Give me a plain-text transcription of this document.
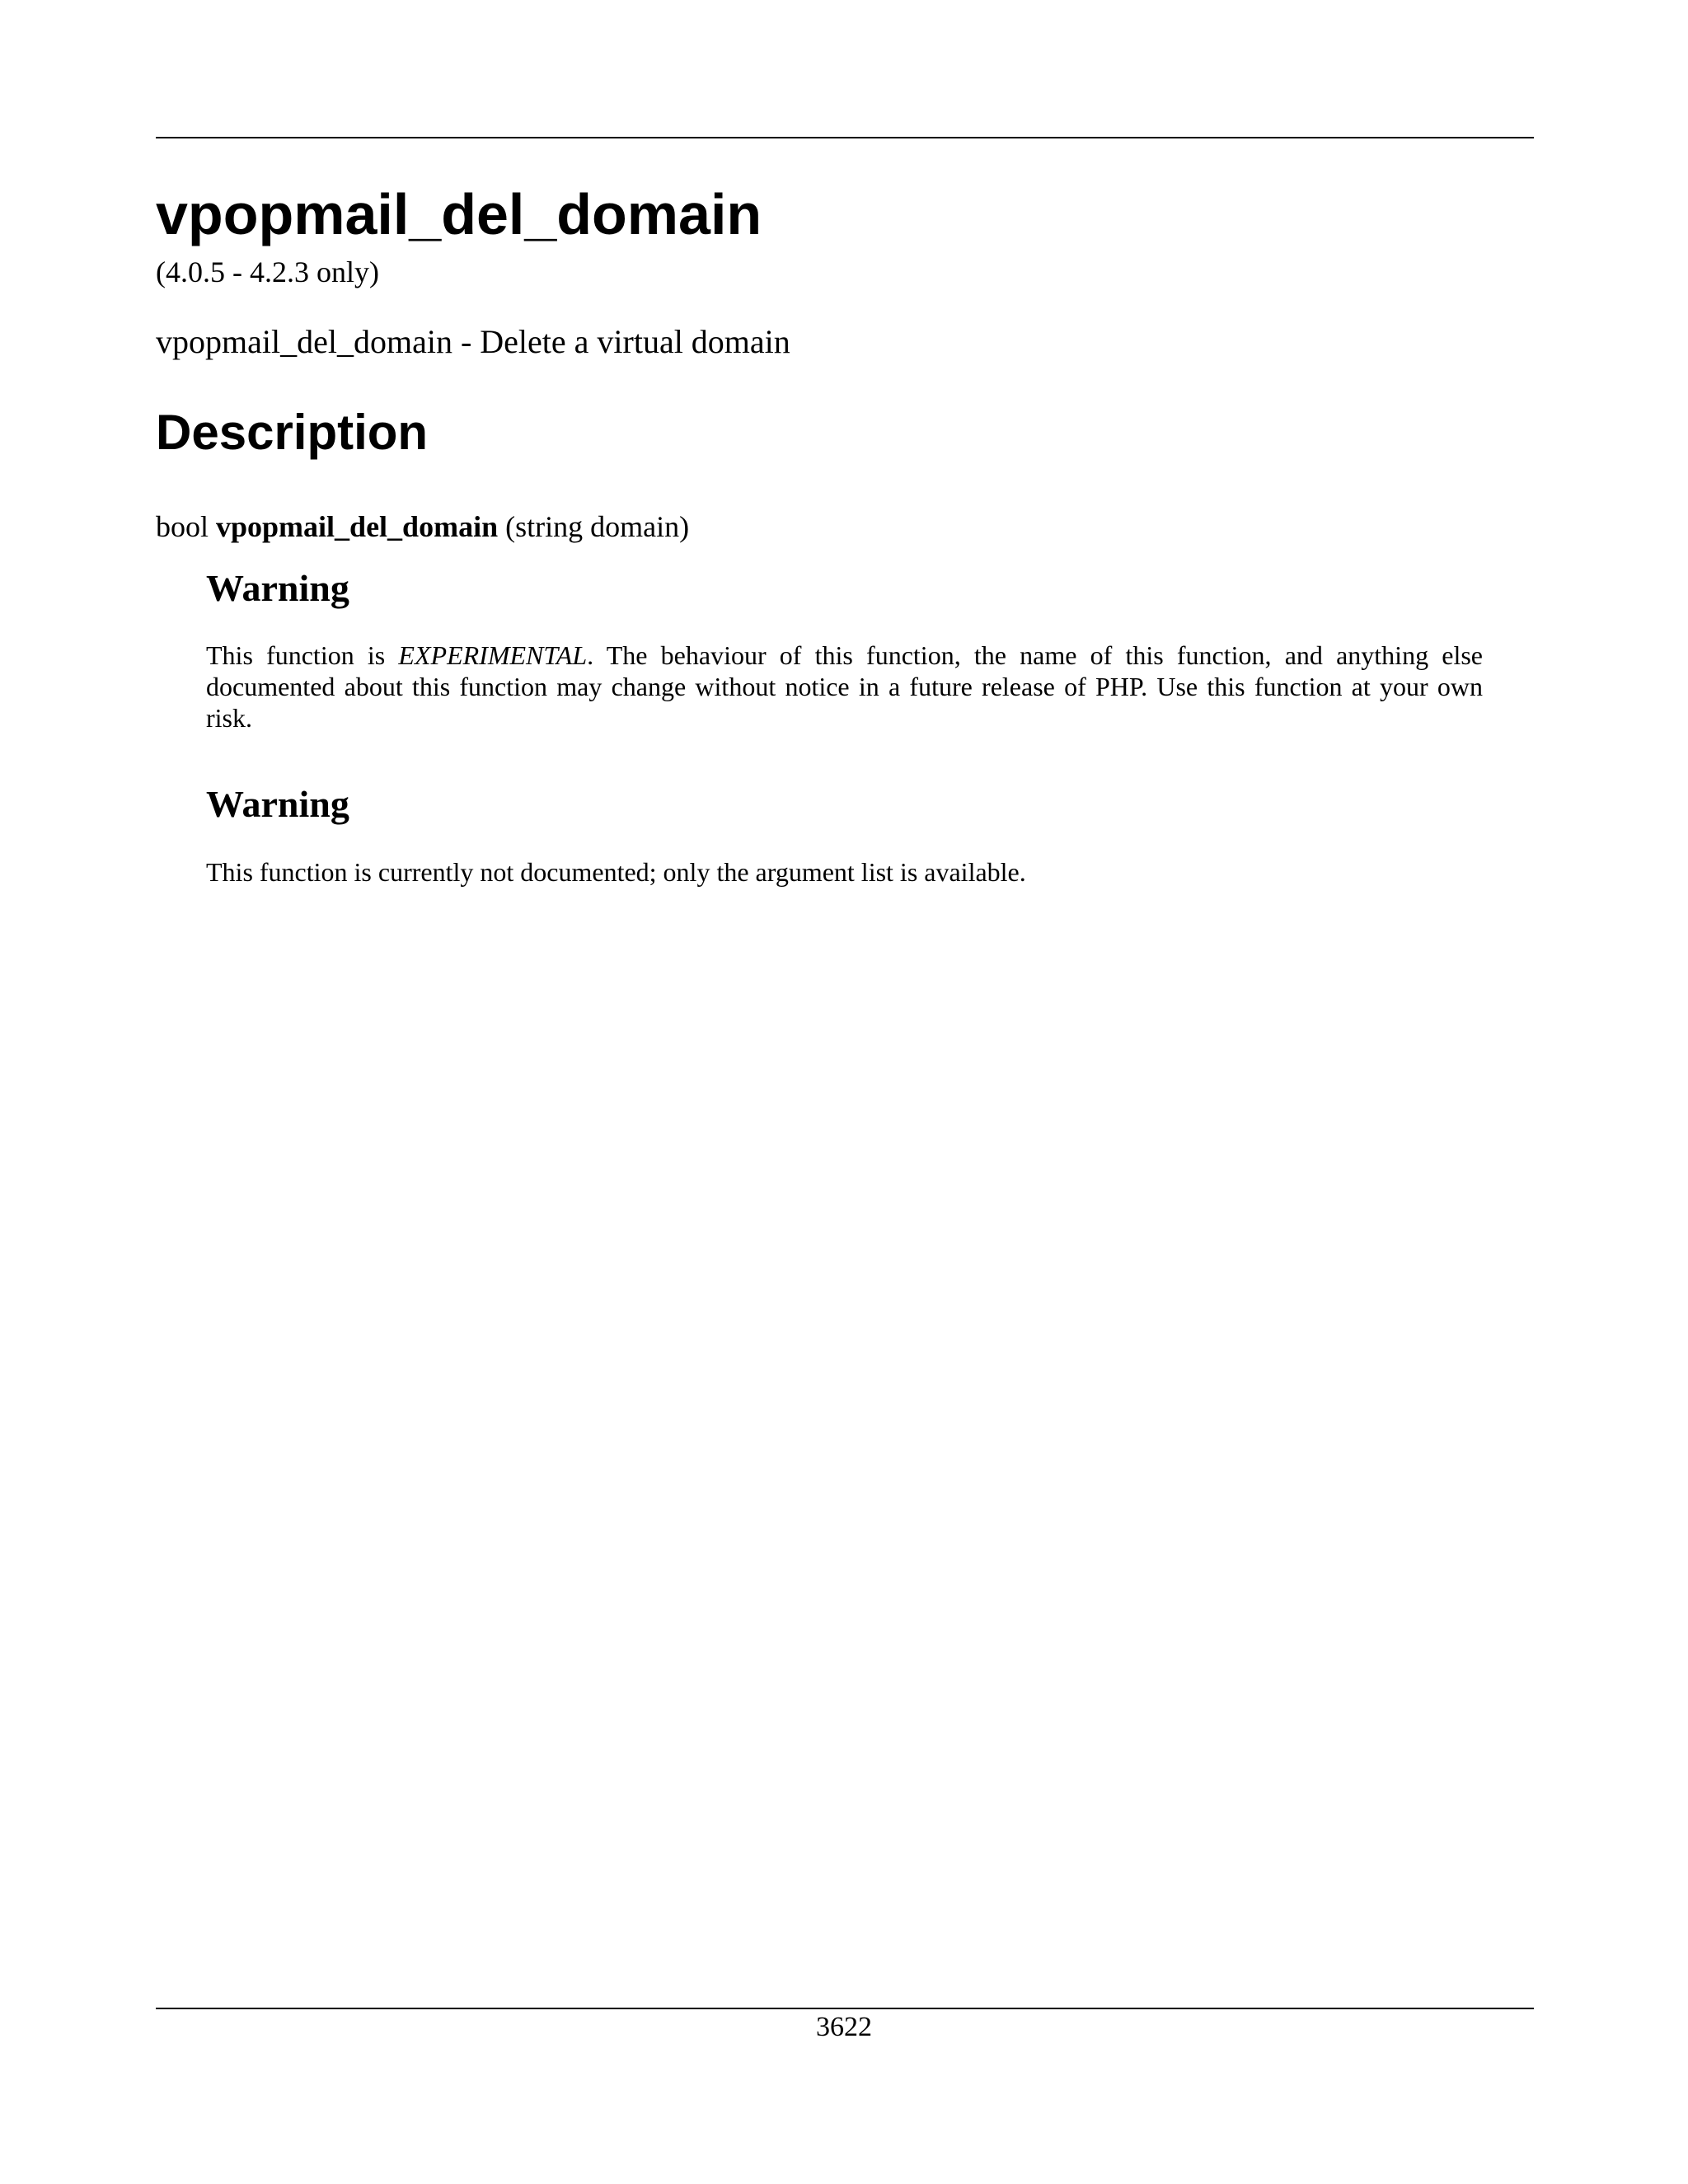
vpopmail_del_domain
(4.0.5 - 4.2.3 only)
vpopmail_del_domain - Delete a virtual domain
Description
bool vpopmail_del_domain (string domain)
Warning

This function is EXPERIMENTAL. The behaviour of this function, the name of this function, and anything else documented about this function may change without notice in a future release of PHP. Use this function at your own risk.

Warning

This function is currently not documented; only the argument list is available.

3622
